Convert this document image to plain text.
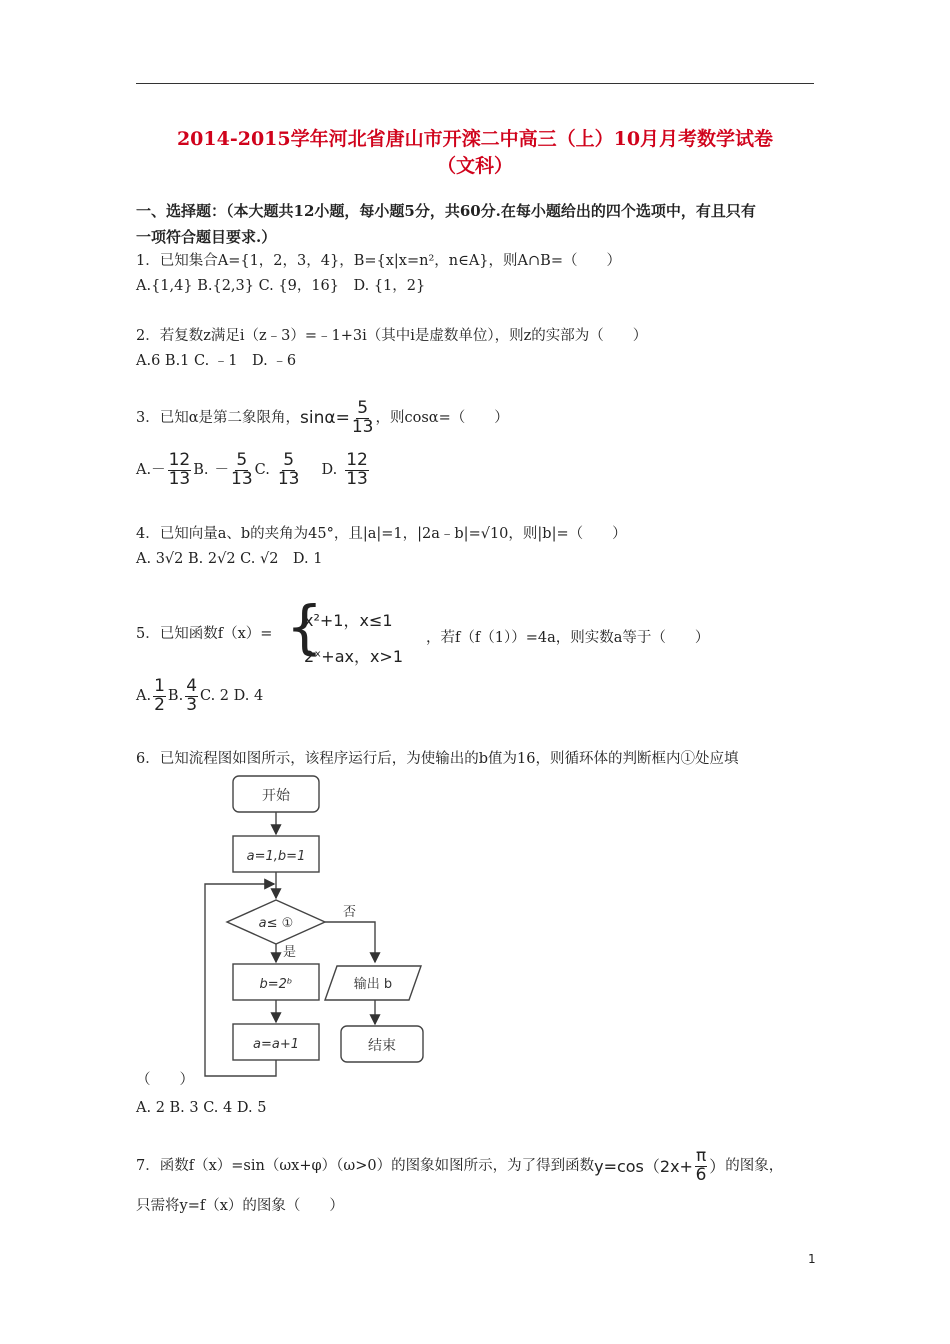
2014-2015学年河北省唐山市开滦二中高三（上）10月月考数学试卷
（文科）
一、选择题：（本大题共12小题，每小题5分，共60分.在每小题给出的四个选项中，有且只有
一项符合题目要求.）
1．已知集合A={1，2，3，4}，B={x|x=n²，n∈A}，则A∩B=（　　）
A.{1,4} B.{2,3} C. {9，16}　D. {1，2}
2．若复数z满足i（z﹣3）=﹣1+3i（其中i是虚数单位），则z的实部为（　　）
A.6 B.1 C. ﹣1　D. ﹣6
3．已知α是第二象限角， $\sin\alpha= \frac{5}{13}$ ，则cosα=（　　）
A. － $\frac{12}{13} B$. － $\frac{5}{13} C$. $\frac{5}{13} D$. $\frac{12}{13}$
4．已知向量a、b的夹角为45°，且|a|=1，|2a﹣b|=√10，则|b|=（　　）
A. 3√2 B. 2√2 C. √2　D. 1
5．已知函数f（x）= {
x²+1，x≤1
2ˣ+ax，x>1
，若f（f（1））=4a，则实数a等于（　　）
A. $\frac{1}{2} B$. $\frac{4}{3} C$. 2 D. 4
6．已知流程图如图所示，该程序运行后，为使输出的b值为16，则循环体的判断框内①处应填
开始
a=1,b=1
a≤ ①
否
是
b=2ᵇ	输出 b
a=a+1	结束
（　　）
A. 2 B. 3 C. 4 D. 5
7．函数f（x）=sin（ωx+φ）（ω>0）的图象如图所示，为了得到函数 $y=\cos(2x+ \frac{\pi}{6}$ ） 的图象，
只需将y=f（x）的图象（　　）
1
